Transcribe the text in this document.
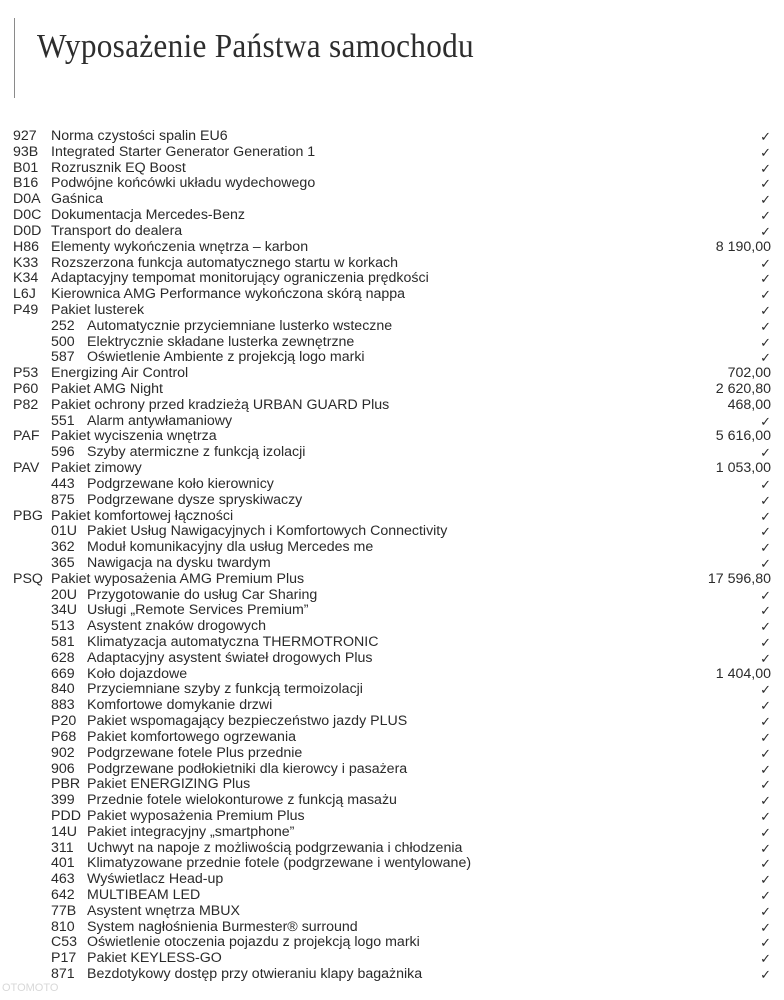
Wyposażenie Państwa samochodu
927 Norma czystości spalin EU6	✓
93B Integrated Starter Generator Generation 1	✓
B01 Rozrusznik EQ Boost	✓
B16 Podwójne końcówki układu wydechowego	✓
D0A Gaśnica	✓
D0C Dokumentacja Mercedes-Benz	✓
D0D Transport do dealera	✓
H86 Elementy wykończenia wnętrza – karbon	8 190,00
K33 Rozszerzona funkcja automatycznego startu w korkach	✓
K34 Adaptacyjny tempomat monitorujący ograniczenia prędkości	✓
L6J Kierownica AMG Performance wykończona skórą nappa	✓
P49 Pakiet lusterek	✓
252 Automatycznie przyciemniane lusterko wsteczne	✓
500 Elektrycznie składane lusterka zewnętrzne	✓
587 Oświetlenie Ambiente z projekcją logo marki	✓
P53 Energizing Air Control	702,00
P60 Pakiet AMG Night	2 620,80
P82 Pakiet ochrony przed kradzieżą URBAN GUARD Plus	468,00
551 Alarm antywłamaniowy	✓
PAF Pakiet wyciszenia wnętrza	5 616,00
596 Szyby atermiczne z funkcją izolacji	✓
PAV Pakiet zimowy	1 053,00
443 Podgrzewane koło kierownicy	✓
875 Podgrzewane dysze spryskiwaczy	✓
PBG Pakiet komfortowej łączności	✓
01U Pakiet Usług Nawigacyjnych i Komfortowych Connectivity	✓
362 Moduł komunikacyjny dla usług Mercedes me	✓
365 Nawigacja na dysku twardym	✓
PSQ Pakiet wyposażenia AMG Premium Plus	17 596,80
20U Przygotowanie do usług Car Sharing	✓
34U Usługi „Remote Services Premium”	✓
513 Asystent znaków drogowych	✓
581 Klimatyzacja automatyczna THERMOTRONIC	✓
628 Adaptacyjny asystent świateł drogowych Plus	✓
669 Koło dojazdowe	1 404,00
840 Przyciemniane szyby z funkcją termoizolacji	✓
883 Komfortowe domykanie drzwi	✓
P20 Pakiet wspomagający bezpieczeństwo jazdy PLUS	✓
P68 Pakiet komfortowego ogrzewania	✓
902 Podgrzewane fotele Plus przednie	✓
906 Podgrzewane podłokietniki dla kierowcy i pasażera	✓
PBR Pakiet ENERGIZING Plus	✓
399 Przednie fotele wielokonturowe z funkcją masażu	✓
PDD Pakiet wyposażenia Premium Plus	✓
14U Pakiet integracyjny „smartphone”	✓
311 Uchwyt na napoje z możliwością podgrzewania i chłodzenia	✓
401 Klimatyzowane przednie fotele (podgrzewane i wentylowane)	✓
463 Wyświetlacz Head-up	✓
642 MULTIBEAM LED	✓
77B Asystent wnętrza MBUX	✓
810 System nagłośnienia Burmester® surround	✓
C53 Oświetlenie otoczenia pojazdu z projekcją logo marki	✓
P17 Pakiet KEYLESS-GO	✓
871 Bezdotykowy dostęp przy otwieraniu klapy bagażnika	✓
OTOMOTO
